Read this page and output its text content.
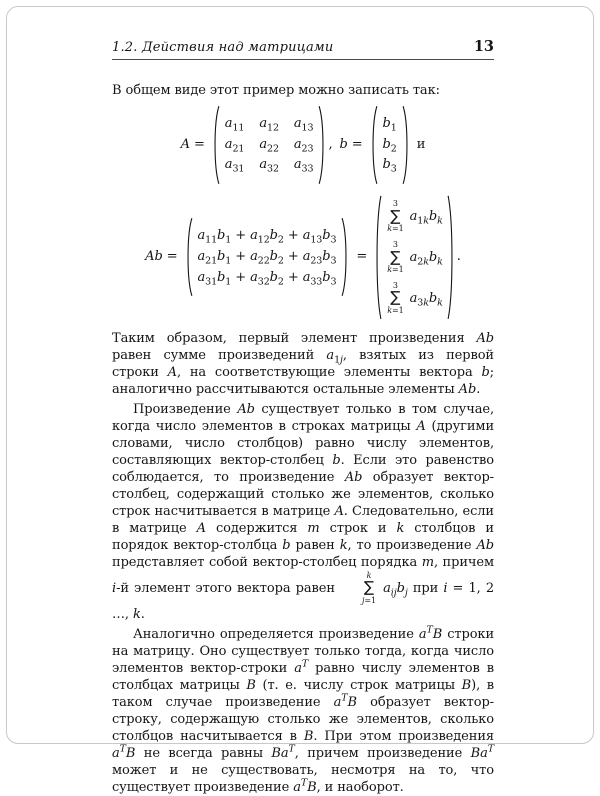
1.2. Действия над матрицами	13

В общем виде этот пример можно записать так:

A =
$a_{11}$ $a_{12}$ $a_{13}$
$a_{21}$ $a_{22}$ $a_{23}$
$a_{31}$ $a_{32}$ $a_{33}$
, b =
$b_1$
$b_2$
$b_3$
и
Ab =
$a_{11}b_1 + a_{12}b_2 + a_{13}b_3$
$a_{21}b_1 + a_{22}b_2 + a_{23}b_3$
$a_{31}b_1 + a_{32}b_2 + a_{33}b_3$
=
3
∑
k=1
$a_{1k}b_k$
3
∑
k=1
$a_{2k}b_k$
3
∑
k=1
$a_{3k}b_k$
.

Таким образом, первый элемент произведения Ab равен сумме произведений $a_{1j}$, взятых из первой строки A, на соответствующие элементы вектора b; аналогично рассчитываются остальные элементы Ab.

Произведение Ab существует только в том случае, когда число элементов в строках матрицы A (другими словами, число столбцов) равно числу элементов, составляющих вектор-столбец b. Если это равенство соблюдается, то произведение Ab образует вектор-столбец, содержащий столько же элементов, сколько строк насчитывается в матрице A. Следовательно, если в матрице A содержится m строк и k столбцов и порядок вектор-столбца b равен k, то произведение Ab представляет собой вектор-столбец порядка m, причем i-й элемент этого вектора равен
k
∑
j=1
$a_{ij}b_j$ при i = 1, 2 …, k.

Аналогично определяется произведение $a^TB$ строки на матрицу. Оно существует только тогда, когда число элементов вектор-строки $a^T$ равно числу элементов в столбцах матрицы B (т. е. числу строк матрицы B), в таком случае произведение $a^TB$ образует вектор-строку, содержащую столько же элементов, сколько столбцов насчитывается в B. При этом произведения $a^TB$ не всегда равны $Ba^T$, причем произведение $Ba^T$ может и не существовать, несмотря на то, что существует произведение $a^TB$, и наоборот.
